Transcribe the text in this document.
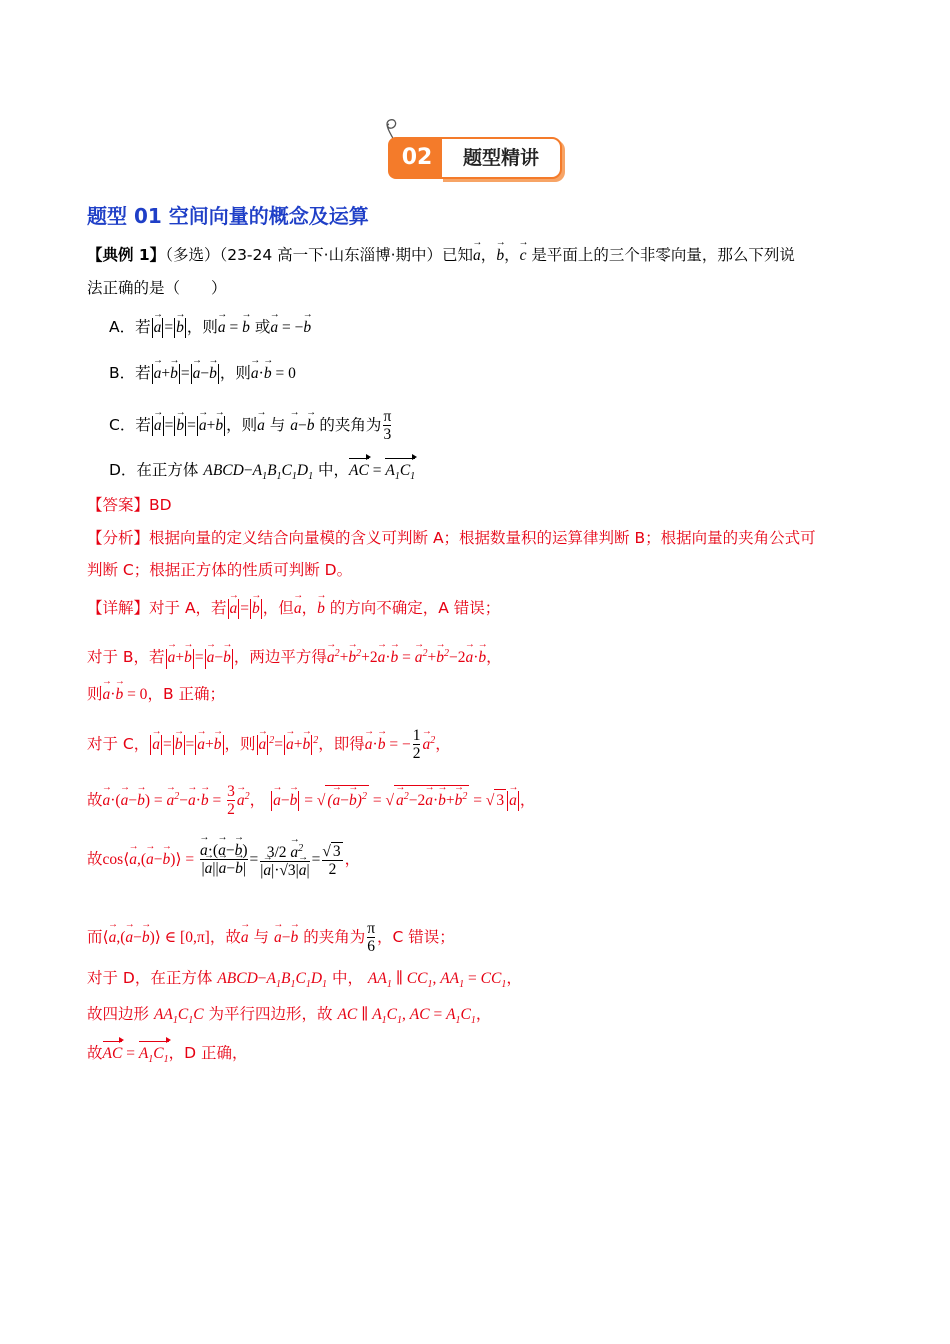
02	题型精讲
题型 01 空间向量的概念及运算
【典例 1】（多选）（23-24 高一下·山东淄博·期中）已知→ a，→ b，→ c 是平面上的三个非零向量，那么下列说
法正确的是（　　）
A．若→ a =→ b ，则→ a = → b 或→ a = −→ b
B．若→ a+→ b =→ a−→ b ，则→ a·→ b = 0
C．若→ a =→ b =→ a+→ b ，则→ a 与 → a−→ b 的夹角为 $\frac{\pi}{3}$
D．在正方体 $ABCD-A_1B_1C_1D_1$ 中，AC = $A_1C_1$
【答案】BD
【分析】根据向量的定义结合向量模的含义可判断 A；根据数量积的运算律判断 B；根据向量的夹角公式可
判断 C；根据正方体的性质可判断 D。
【详解】对于 A，若→ a =→ b ，但→ a，→ b 的方向不确定，A 错误；
对于 B，若→ a+→ b =→ a−→ b ，两边平方得→ $a^2+\to b^2+2\to a\cdot\to b$ = → $a^2+\to b^2-2\to a\cdot\to b$，
则→ a·→ b = 0，B 正确；
对于 C，→ a =→ b =→ a+→ b ，则→ a $^2$=→ a+→ b $^2$，即得→ a·→ b = − $\frac{1}{2}$
→ $a^2$，
故→ a·(→ a−→ b) = → $a^2-\to a\cdot\to b = \frac{3}{2}$
→ $a^2$， → a−→ b = √ (→ a−→ b)$^2$ = √→ $a^2-2\to a\cdot\to b+\to b^2$ = √ 3→ a ，
故cos⟨→ a,(→ a−→ b)⟩ =
→ $\frac{a\cdot(\to a-\to b)}{|\to a||\to a-\to b|} = \frac{3/2 \to a^2}{|\to a|\cdot√3|\to a|} = \frac{√ 3}{2}$ ，
而⟨→ a,(→ a−→ b)⟩ ∈ [0,π]，故→ a 与 → a−→ b 的夹角为 $\frac{\pi}{6}$ ，C 错误；
对于 D，在正方体 $ABCD-A_1B_1C_1D_1$ 中， $AA_1$ ∥ $CC_1$, $AA_1 = CC_1$，
故四边形 $AA_1C_1C$ 为平行四边形，故 AC ∥ $A_1C_1$, AC = $A_1C_1$，
故AC = $A_1C_1$，D 正确，
